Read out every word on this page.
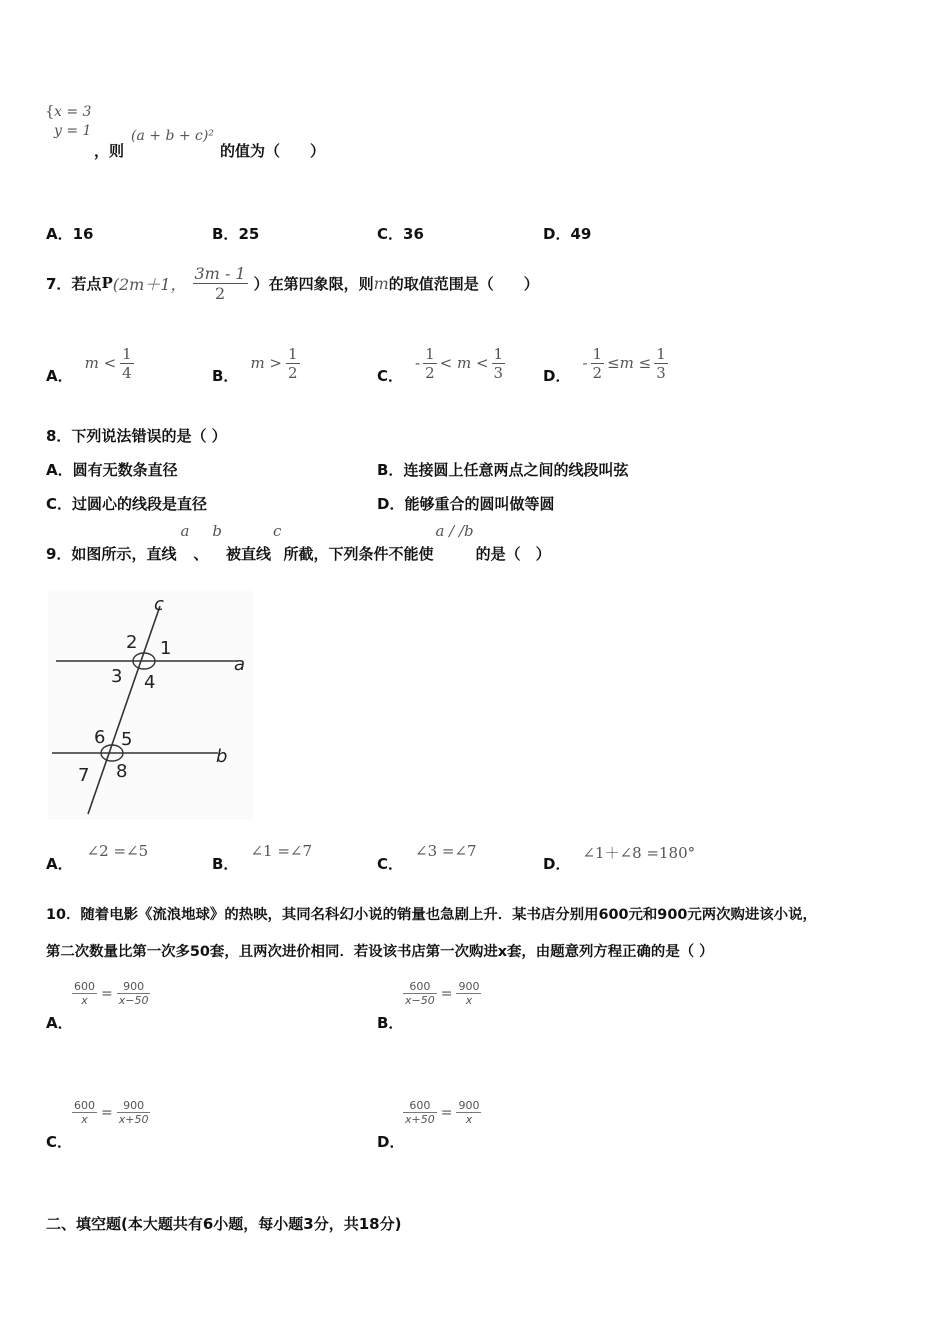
{ x = 3
y = 1
，则
(a + b + c)²
的值为（　　）
A．16	B．25	C．36	D．49
7．若点 P (2m＋1， $\frac{3m - 1}{2}$ ）在第四象限，则 m 的取值范围是（　　）
A．
$m < \frac{1}{4}$	B．
$m > \frac{1}{2}$	C．
- $\frac{1}{2} < m < \frac{1}{3}$	D．
- $\frac{1}{2} \le m \le \frac{1}{3}$
8．下列说法错误的是（ ）
A．圆有无数条直径	B．连接圆上任意两点之间的线段叫弦
C．过圆心的线段是直径	D．能够重合的圆叫做等圆
9．如图所示，直线
a
、
b
被直线
c
所截，下列条件不能使
a / /b
的是（　）
c
2 1
a
3 4
6 5
b
7 8
A．
∠2 =∠5
B．
∠1 =∠7
C．
∠3 =∠7
D．
∠1＋∠8 =180°
10．随着电影《流浪地球》的热映，其同名科幻小说的销量也急剧上升．某书店分别用600元和900元两次购进该小说，
第二次数量比第一次多50套，且两次进价相同．若设该书店第一次购进x套，由题意列方程正确的是（ ）
A．
$\frac{600}{x} = \frac{900}{x-50}$
B．
$\frac{600}{x-50} = \frac{900}{x}$
C．
$\frac{600}{x} = \frac{900}{x+50}$
D．
$\frac{600}{x+50} = \frac{900}{x}$
二、填空题(本大题共有6小题，每小题3分，共18分)
